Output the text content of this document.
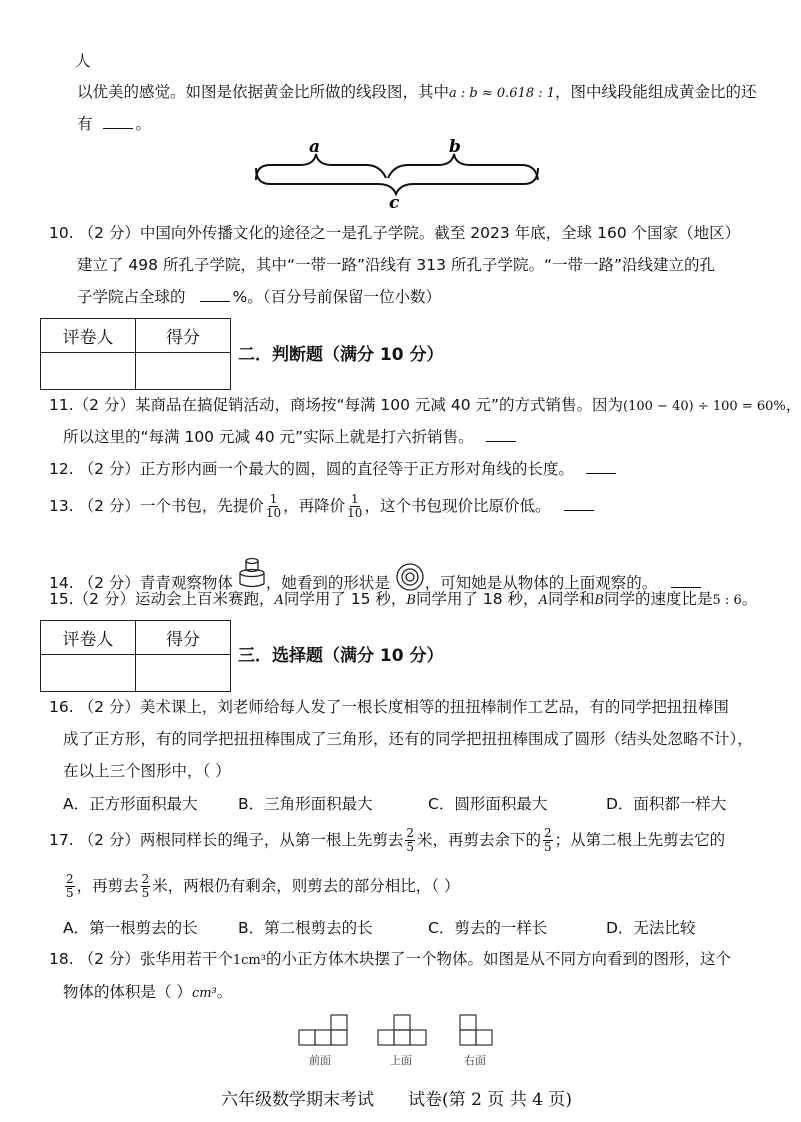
人
以优美的感觉。如图是依据黄金比所做的线段图，其中a : b ≈ 0.618 : 1，图中线段能组成黄金比的还
有	。
a	b
c
10. （2 分）中国向外传播文化的途径之一是孔子学院。截至 2023 年底，全球 160 个国家（地区）
建立了 498 所孔子学院，其中“一带一路”沿线有 313 所孔子学院。“一带一路”沿线建立的孔
子学院占全球的	%。（百分号前保留一位小数）
评卷人	得分

二．判断题（满分 10 分）
11.（2 分）某商品在搞促销活动，商场按“每满 100 元减 40 元”的方式销售。因为(100 − 40) ÷ 100 = 60%，
所以这里的“每满 100 元减 40 元”实际上就是打六折销售。
12. （2 分）正方形内画一个最大的圆，圆的直径等于正方形对角线的长度。
13. （2 分）一个书包，先提价 $\frac{1}{10}$ ，再降价 $\frac{1}{10}$ ，这个书包现价比原价低。
14. （2 分）青青观察物体 ，她看到的形状是 ，可知她是从物体的上面观察的。
15.（2 分）运动会上百米赛跑，A同学用了 15 秒，B同学用了 18 秒，A同学和B同学的速度比是5 : 6。
评卷人	得分

三．选择题（满分 10 分）
16. （2 分）美术课上，刘老师给每人发了一根长度相等的扭扭棒制作工艺品，有的同学把扭扭棒围
成了正方形，有的同学把扭扭棒围成了三角形，还有的同学把扭扭棒围成了圆形（结头处忽略不计），
在以上三个图形中，（ ）
A．正方形面积最大	B．三角形面积最大	C．圆形面积最大	D．面积都一样大
17. （2 分）两根同样长的绳子，从第一根上先剪去 $\frac{2}{5}$ 米，再剪去余下的 $\frac{2}{5}$ ；从第二根上先剪去它的
$\frac{2}{5}$ ，再剪去 $\frac{2}{5}$ 米，两根仍有剩余，则剪去的部分相比，（ ）
A．第一根剪去的长	B．第二根剪去的长	C．剪去的一样长	D．无法比较
18. （2 分）张华用若干个1cm³的小正方体木块摆了一个物体。如图是从不同方向看到的图形，这个
物体的体积是（ ）cm³。
前面	上面	右面
六年级数学期末考试　　试卷(第 2 页 共 4 页)
